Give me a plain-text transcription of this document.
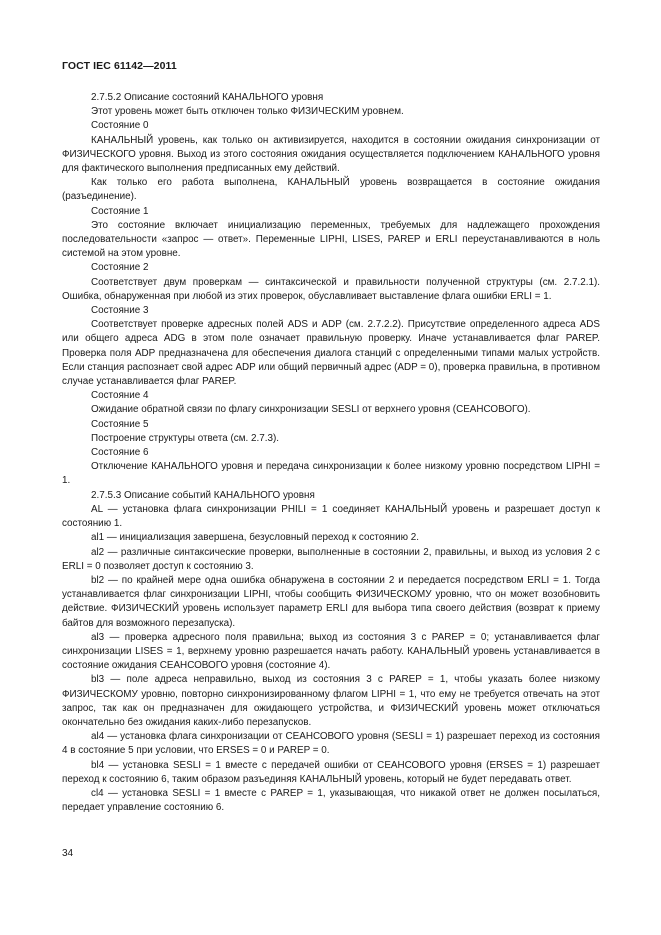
ГОСТ IEC 61142—2011

2.7.5.2 Описание состояний КАНАЛЬНОГО уровня

Этот уровень может быть отключен только ФИЗИЧЕСКИМ уровнем.

Состояние 0

КАНАЛЬНЫЙ уровень, как только он активизируется, находится в состоянии ожидания синхронизации от ФИЗИЧЕСКОГО уровня. Выход из этого состояния ожидания осуществляется подключением КАНАЛЬНОГО уровня для фактического выполнения предписанных ему действий.

Как только его работа выполнена, КАНАЛЬНЫЙ уровень возвращается в состояние ожидания (разъединение).

Состояние 1

Это состояние включает инициализацию переменных, требуемых для надлежащего прохождения последовательности «запрос — ответ». Переменные LIPHI, LISES, PAREP и ERLI переустанавливаются в ноль системой на этом уровне.

Состояние 2

Соответствует двум проверкам — синтаксической и правильности полученной структуры (см. 2.7.2.1). Ошибка, обнаруженная при любой из этих проверок, обуславливает выставление флага ошибки ERLI = 1.

Состояние 3

Соответствует проверке адресных полей ADS и ADP (см. 2.7.2.2). Присутствие определенного адреса ADS или общего адреса ADG в этом поле означает правильную проверку. Иначе устанавливается флаг PAREP. Проверка поля ADP предназначена для обеспечения диалога станций с определенными типами малых устройств. Если станция распознает свой адрес ADP или общий первичный адрес (ADP = 0), проверка правильна, в противном случае устанавливается флаг PAREP.

Состояние 4

Ожидание обратной связи по флагу синхронизации SESLI от верхнего уровня (СЕАНСОВОГО).

Состояние 5

Построение структуры ответа (см. 2.7.3).

Состояние 6

Отключение КАНАЛЬНОГО уровня и передача синхронизации к более низкому уровню посредством LIPHI = 1.

2.7.5.3 Описание событий КАНАЛЬНОГО уровня

AL — установка флага синхронизации PHILI = 1 соединяет КАНАЛЬНЫЙ уровень и разрешает доступ к состоянию 1.

al1 — инициализация завершена, безусловный переход к состоянию 2.

al2 — различные синтаксические проверки, выполненные в состоянии 2, правильны, и выход из условия 2 с ERLI = 0 позволяет доступ к состоянию 3.

bl2 — по крайней мере одна ошибка обнаружена в состоянии 2 и передается посредством ERLI = 1. Тогда устанавливается флаг синхронизации LIPHI, чтобы сообщить ФИЗИЧЕСКОМУ уровню, что он может возобновить действие. ФИЗИЧЕСКИЙ уровень использует параметр ERLI для выбора типа своего действия (возврат к приему байтов для возможного перезапуска).

al3 — проверка адресного поля правильна; выход из состояния 3 с PAREP = 0; устанавливается флаг синхронизации LISES = 1, верхнему уровню разрешается начать работу. КАНАЛЬНЫЙ уровень устанавливается в состояние ожидания СЕАНСОВОГО уровня (состояние 4).

bl3 — поле адреса неправильно, выход из состояния 3 с PAREP = 1, чтобы указать более низкому ФИЗИЧЕСКОМУ уровню, повторно синхронизированному флагом LIPHI = 1, что ему не требуется отвечать на этот запрос, так как он предназначен для ожидающего устройства, и ФИЗИЧЕСКИЙ уровень может отключаться окончательно без ожидания каких-либо перезапусков.

al4 — установка флага синхронизации от СЕАНСОВОГО уровня (SESLI = 1) разрешает переход из состояния 4 в состояние 5 при условии, что ERSES = 0 и PAREP = 0.

bl4 — установка SESLI = 1 вместе с передачей ошибки от СЕАНСОВОГО уровня (ERSES = 1) разрешает переход к состоянию 6, таким образом разъединяя КАНАЛЬНЫЙ уровень, который не будет передавать ответ.

cl4 — установка SESLI = 1 вместе с PAREP = 1, указывающая, что никакой ответ не должен посылаться, передает управление состоянию 6.

34
